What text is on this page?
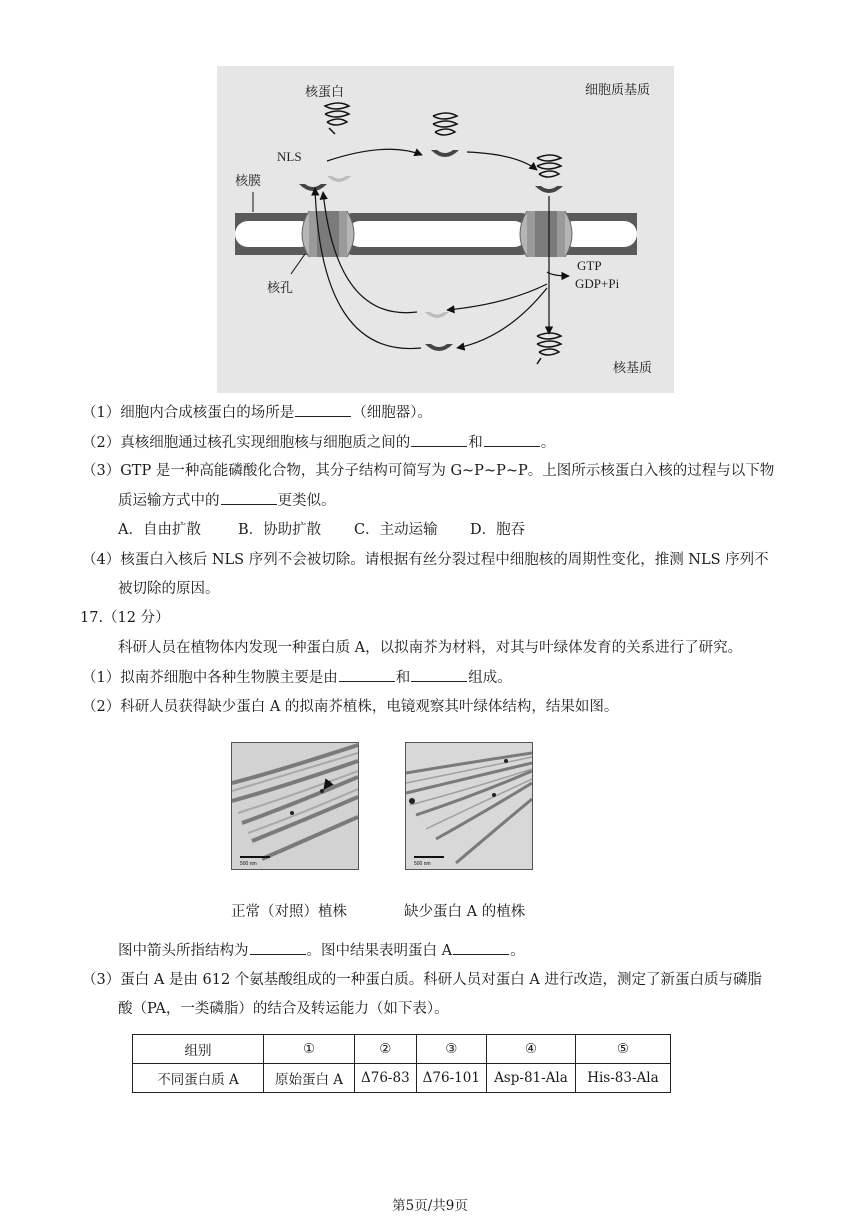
细胞质基质
核蛋白
NLS
核膜
核孔
GTP
GDP+Pi
核基质
（1）细胞内合成核蛋白的场所是	（细胞器）。
（2）真核细胞通过核孔实现细胞核与细胞质之间的	和	。
（3）GTP 是一种高能磷酸化合物，其分子结构可简写为 G~P~P~P。上图所示核蛋白入核的过程与以下物
质运输方式中的	更类似。
A．自由扩散	B．协助扩散 C．主动运输 D．胞吞
（4）核蛋白入核后 NLS 序列不会被切除。请根据有丝分裂过程中细胞核的周期性变化，推测 NLS 序列不
被切除的原因。
17.（12 分）
科研人员在植物体内发现一种蛋白质 A，以拟南芥为材料，对其与叶绿体发育的关系进行了研究。
（1）拟南芥细胞中各种生物膜主要是由	和	组成。
（2）科研人员获得缺少蛋白 A 的拟南芥植株，电镜观察其叶绿体结构，结果如图。
500 nm	500 nm
正常（对照）植株	缺少蛋白 A 的植株
图中箭头所指结构为	。图中结果表明蛋白 A	。
（3）蛋白 A 是由 612 个氨基酸组成的一种蛋白质。科研人员对蛋白 A 进行改造，测定了新蛋白质与磷脂
酸（PA，一类磷脂）的结合及转运能力（如下表）。
组别	①	②	③	④	⑤
不同蛋白质 A	原始蛋白 A	Δ76-83	Δ76-101	Asp-81-Ala	His-83-Ala
第5页/共9页
